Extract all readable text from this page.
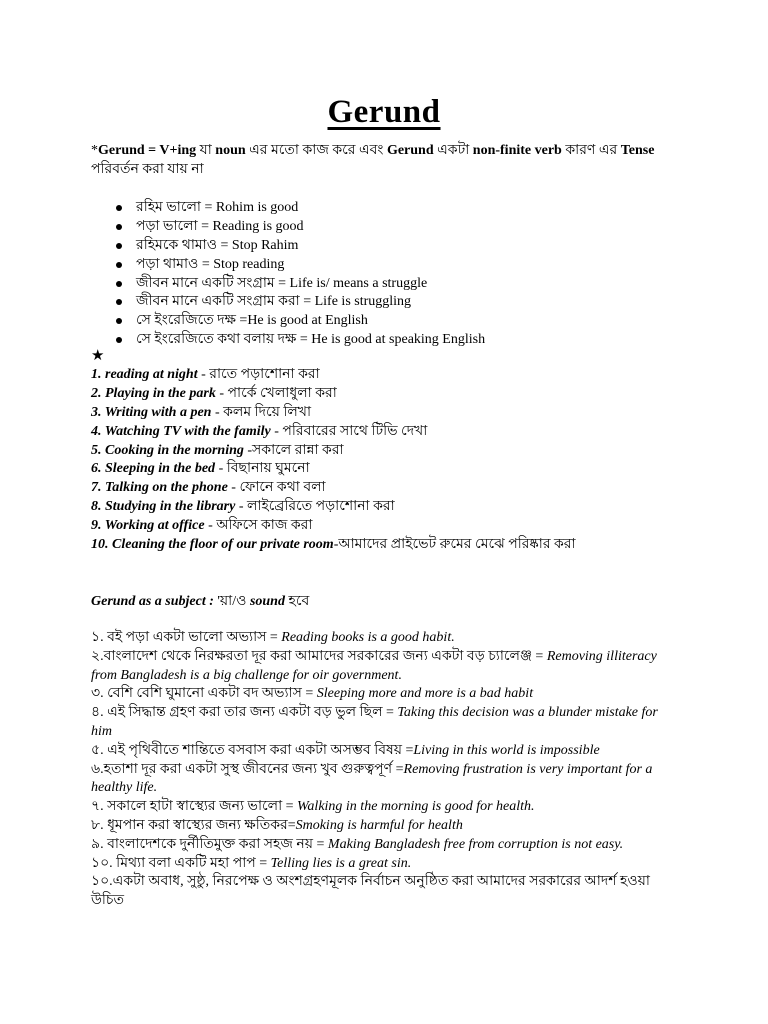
Gerund
*Gerund = V+ing যা noun এর মতো কাজ করে এবং Gerund একটা non-finite verb কারণ এর Tense পরিবর্তন করা যায় না
রহিম ভালো = Rohim is good
পড়া ভালো = Reading is good
রহিমকে থামাও = Stop Rahim
পড়া থামাও = Stop reading
জীবন মানে একটি সংগ্রাম = Life is/ means a struggle
জীবন মানে একটি সংগ্রাম করা = Life is struggling
সে ইংরেজিতে দক্ষ =He is good at English
সে ইংরেজিতে কথা বলায় দক্ষ = He is good at speaking English
★
1. reading at night - রাতে পড়াশোনা করা
2. Playing in the park - পার্কে খেলাধুলা করা
3. Writing with a pen - কলম দিয়ে লিখা
4. Watching TV with the family - পরিবারের সাথে টিভি দেখা
5. Cooking in the morning -সকালে রান্না করা
6. Sleeping in the bed - বিছানায় ঘুমনো
7. Talking on the phone - ফোনে কথা বলা
8. Studying in the library - লাইব্রেরিতে পড়াশোনা করা
9. Working at office - অফিসে কাজ করা
10. Cleaning the floor of our private room-আমাদের প্রাইভেট রুমের মেঝে পরিষ্কার করা
Gerund as a subject : 'য়া/ও sound হবে
১. বই পড়া একটা ভালো অভ্যাস = Reading books is a good habit.
২.বাংলাদেশ থেকে নিরক্ষরতা দূর করা আমাদের সরকারের জন্য একটা বড় চ্যালেঞ্জ = Removing illiteracy from Bangladesh is a big challenge for oir government.
৩. বেশি বেশি ঘুমানো একটা বদ অভ্যাস = Sleeping more and more is a bad habit
৪. এই সিদ্ধান্ত গ্রহণ করা তার জন্য একটা বড় ভুল ছিল = Taking this decision was a blunder mistake for him
৫. এই পৃথিবীতে শান্তিতে বসবাস করা একটা অসম্ভব বিষয় =Living in this world is impossible
৬.হতাশা দূর করা একটা সুস্থ জীবনের জন্য খুব গুরুত্বপূর্ণ =Removing frustration is very important for a healthy life.
৭. সকালে হাটা স্বাস্থ্যের জন্য ভালো = Walking in the morning is good for health.
৮. ধূমপান করা স্বাস্থ্যের জন্য ক্ষতিকর=Smoking is harmful for health
৯. বাংলাদেশকে দুর্নীতিমুক্ত করা সহজ নয় = Making Bangladesh free from corruption is not easy.
১০. মিথ্যা বলা একটি মহা পাপ = Telling lies is a great sin.
১০.একটা অবাধ, সুষ্ঠু, নিরপেক্ষ ও অংশগ্রহণমূলক নির্বাচন অনুষ্ঠিত করা আমাদের সরকারের আদর্শ হওয়া উচিত
